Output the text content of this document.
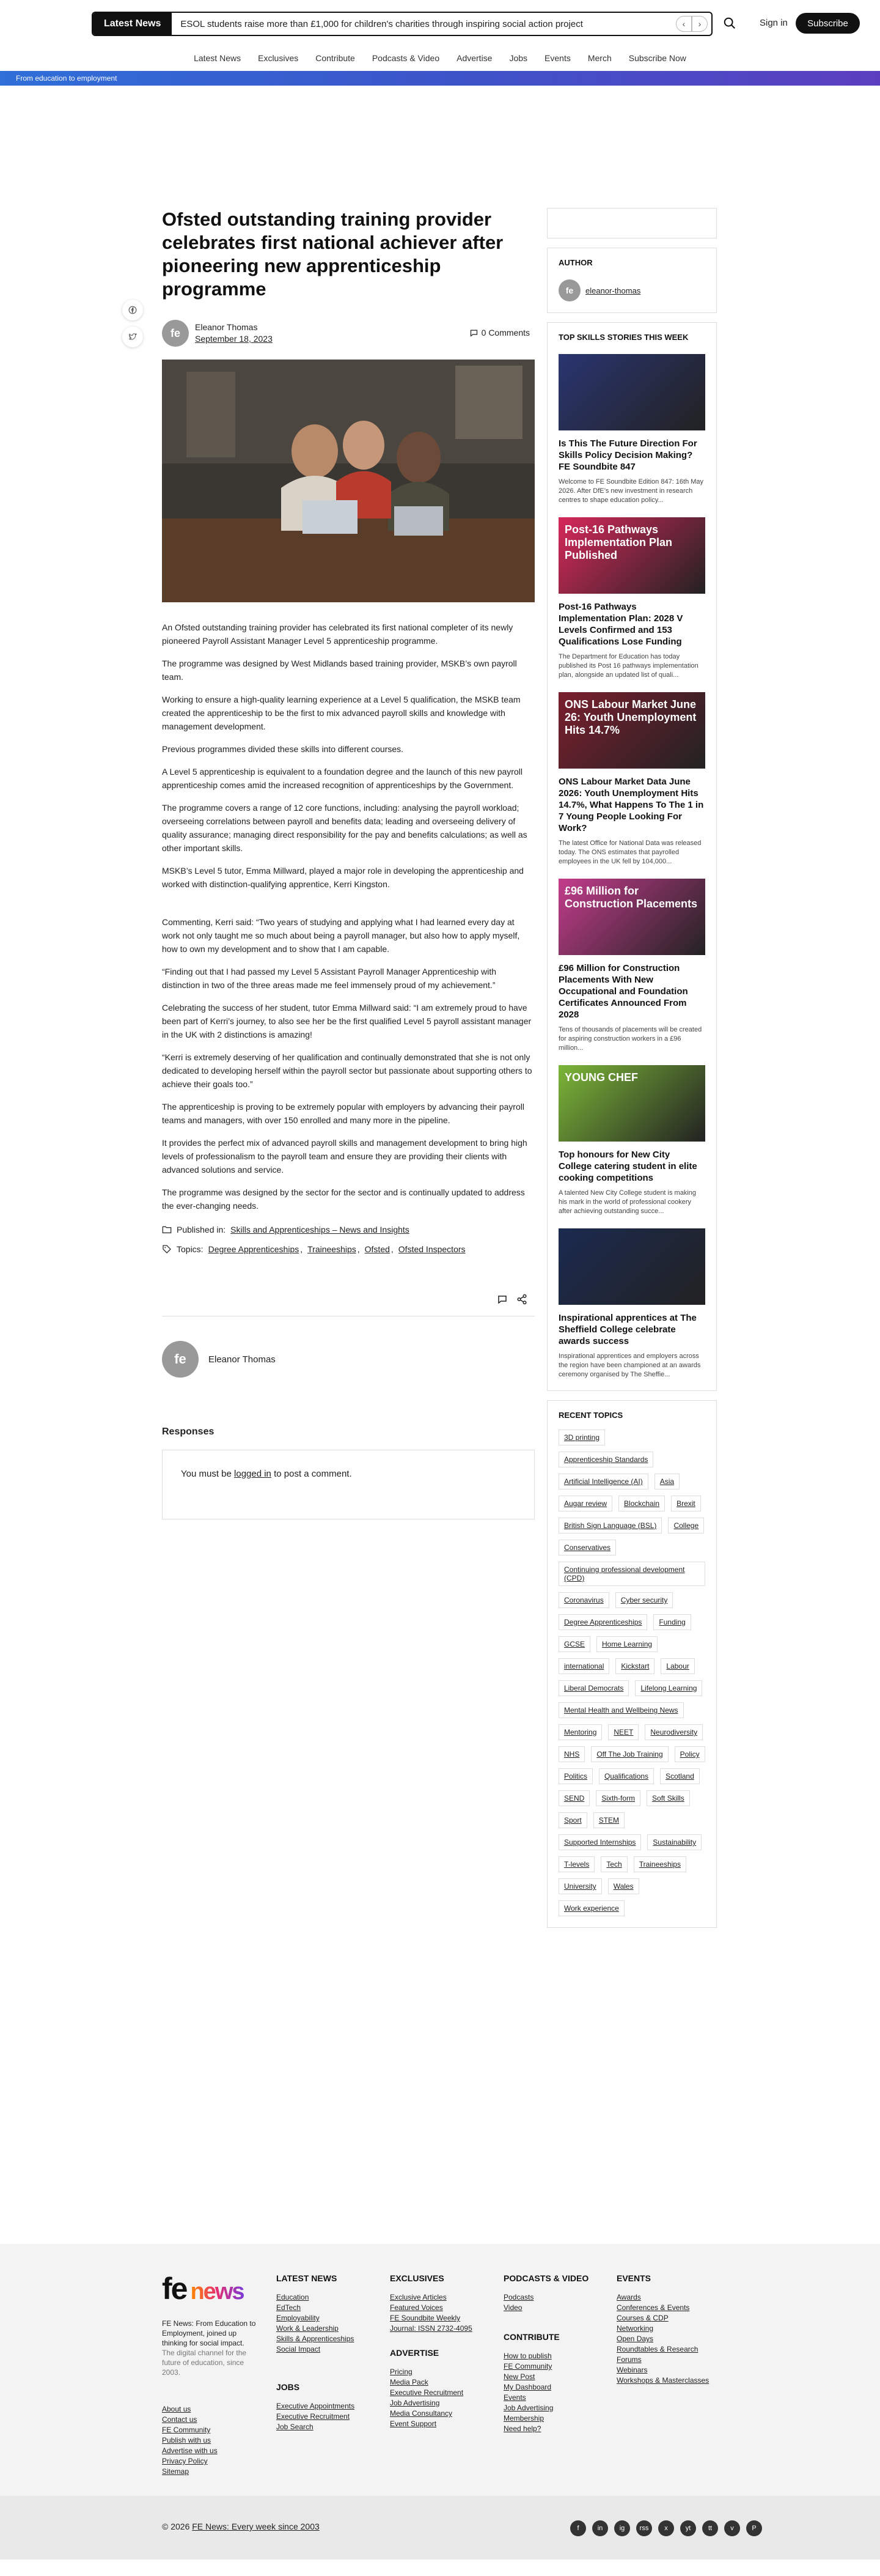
Latest News	ESOL students raise more than £1,000 for children's charities through inspiring social action project	‹	›	Sign in	Subscribe
Latest News Exclusives Contribute Podcasts & Video Advertise Jobs Events Merch Subscribe Now
From education to employment
Ofsted outstanding training provider celebrates first national achiever after pioneering new apprenticeship programme
fe	Eleanor Thomas
September 18, 2023
0 Comments

An Ofsted outstanding training provider has celebrated its first national completer of its newly pioneered Payroll Assistant Manager Level 5 apprenticeship programme.

The programme was designed by West Midlands based training provider, MSKB’s own payroll team.

Working to ensure a high-quality learning experience at a Level 5 qualification, the MSKB team created the apprenticeship to be the first to mix advanced payroll skills and knowledge with management development.

Previous programmes divided these skills into different courses.

A Level 5 apprenticeship is equivalent to a foundation degree and the launch of this new payroll apprenticeship comes amid the increased recognition of apprenticeships by the Government.

The programme covers a range of 12 core functions, including: analysing the payroll workload; overseeing correlations between payroll and benefits data; leading and overseeing delivery of quality assurance; managing direct responsibility for the pay and benefits calculations; as well as other important skills.

MSKB’s Level 5 tutor, Emma Millward, played a major role in developing the apprenticeship and worked with distinction-qualifying apprentice, Kerri Kingston.

Commenting, Kerri said: “Two years of studying and applying what I had learned every day at work not only taught me so much about being a payroll manager, but also how to apply myself, how to own my development and to show that I am capable.

“Finding out that I had passed my Level 5 Assistant Payroll Manager Apprenticeship with distinction in two of the three areas made me feel immensely proud of my achievement.”

Celebrating the success of her student, tutor Emma Millward said: “I am extremely proud to have been part of Kerri’s journey, to also see her be the first qualified Level 5 payroll assistant manager in the UK with 2 distinctions is amazing!

“Kerri is extremely deserving of her qualification and continually demonstrated that she is not only dedicated to developing herself within the payroll sector but passionate about supporting others to achieve their goals too.”

The apprenticeship is proving to be extremely popular with employers by advancing their payroll teams and managers, with over 150 enrolled and many more in the pipeline.

It provides the perfect mix of advanced payroll skills and management development to bring high levels of professionalism to the payroll team and ensure they are providing their clients with advanced solutions and service.

The programme was designed by the sector for the sector and is continually updated to address the ever-changing needs.

Published in: Skills and Apprenticeships – News and Insights
Topics: Degree Apprenticeships , Traineeships , Ofsted , Ofsted Inspectors
fe	Eleanor Thomas
Responses
You must be logged in to post a comment.
AUTHOR
fe	eleanor-thomas
TOP SKILLS STORIES THIS WEEK
Is This The Future Direction For Skills Policy Decision Making? FE Soundbite 847
Welcome to FE Soundbite Edition 847: 16th May 2026. After DfE’s new investment in research centres to shape education policy...
Post-16 Pathways Implementation Plan Published
Post-16 Pathways Implementation Plan: 2028 V Levels Confirmed and 153 Qualifications Lose Funding
The Department for Education has today published its Post 16 pathways implementation plan, alongside an updated list of quali...
ONS Labour Market June 26: Youth Unemployment Hits 14.7%
ONS Labour Market Data June 2026: Youth Unemployment Hits 14.7%, What Happens To The 1 in 7 Young People Looking For Work?
The latest Office for National Data was released today. The ONS estimates that payrolled employees in the UK fell by 104,000...
£96 Million for Construction Placements
£96 Million for Construction Placements With New Occupational and Foundation Certificates Announced From 2028
Tens of thousands of placements will be created for aspiring construction workers in a £96 million...
YOUNG CHEF
Top honours for New City College catering student in elite cooking competitions
A talented New City College student is making his mark in the world of professional cookery after achieving outstanding succe...
Inspirational apprentices at The Sheffield College celebrate awards success
Inspirational apprentices and employers across the region have been championed at an awards ceremony organised by The Sheffie...
RECENT TOPICS
3D printing
Apprenticeship Standards
Artificial Intelligence (AI)	Asia
Augar review	Blockchain	Brexit
British Sign Language (BSL)	College
Conservatives
Continuing professional development (CPD)
Coronavirus	Cyber security
Degree Apprenticeships	Funding
GCSE	Home Learning
international	Kickstart	Labour
Liberal Democrats	Lifelong Learning
Mental Health and Wellbeing News
Mentoring	NEET	Neurodiversity
NHS	Off The Job Training	Policy
Politics	Qualifications	Scotland
SEND	Sixth-form	Soft Skills
Sport	STEM
Supported Internships	Sustainability
T-levels	Tech	Traineeships
University	Wales
Work experience
fe news
FE News: From Education to Employment, joined up thinking for social impact.
The digital channel for the future of education, since 2003.
About us
Contact us
FE Community
Publish with us
Advertise with us
Privacy Policy
Sitemap
LATEST NEWS
Education
EdTech
Employability
Work & Leadership
Skills & Apprenticeships
Social Impact
JOBS
Executive Appointments
Executive Recruitment
Job Search
EXCLUSIVES
Exclusive Articles
Featured Voices
FE Soundbite Weekly
Journal: ISSN 2732-4095
ADVERTISE
Pricing
Media Pack
Executive Recruitment
Job Advertising
Media Consultancy
Event Support
PODCASTS & VIDEO
Podcasts
Video
CONTRIBUTE
How to publish
FE Community
New Post
My Dashboard
Events
Job Advertising
Membership
Need help?
EVENTS
Awards
Conferences & Events
Courses & CDP
Networking
Open Days
Roundtables & Research
Forums
Webinars
Workshops & Masterclasses
© 2026 FE News: Every week since 2003	f	in	ig	rss	x	yt	tt	v	P
